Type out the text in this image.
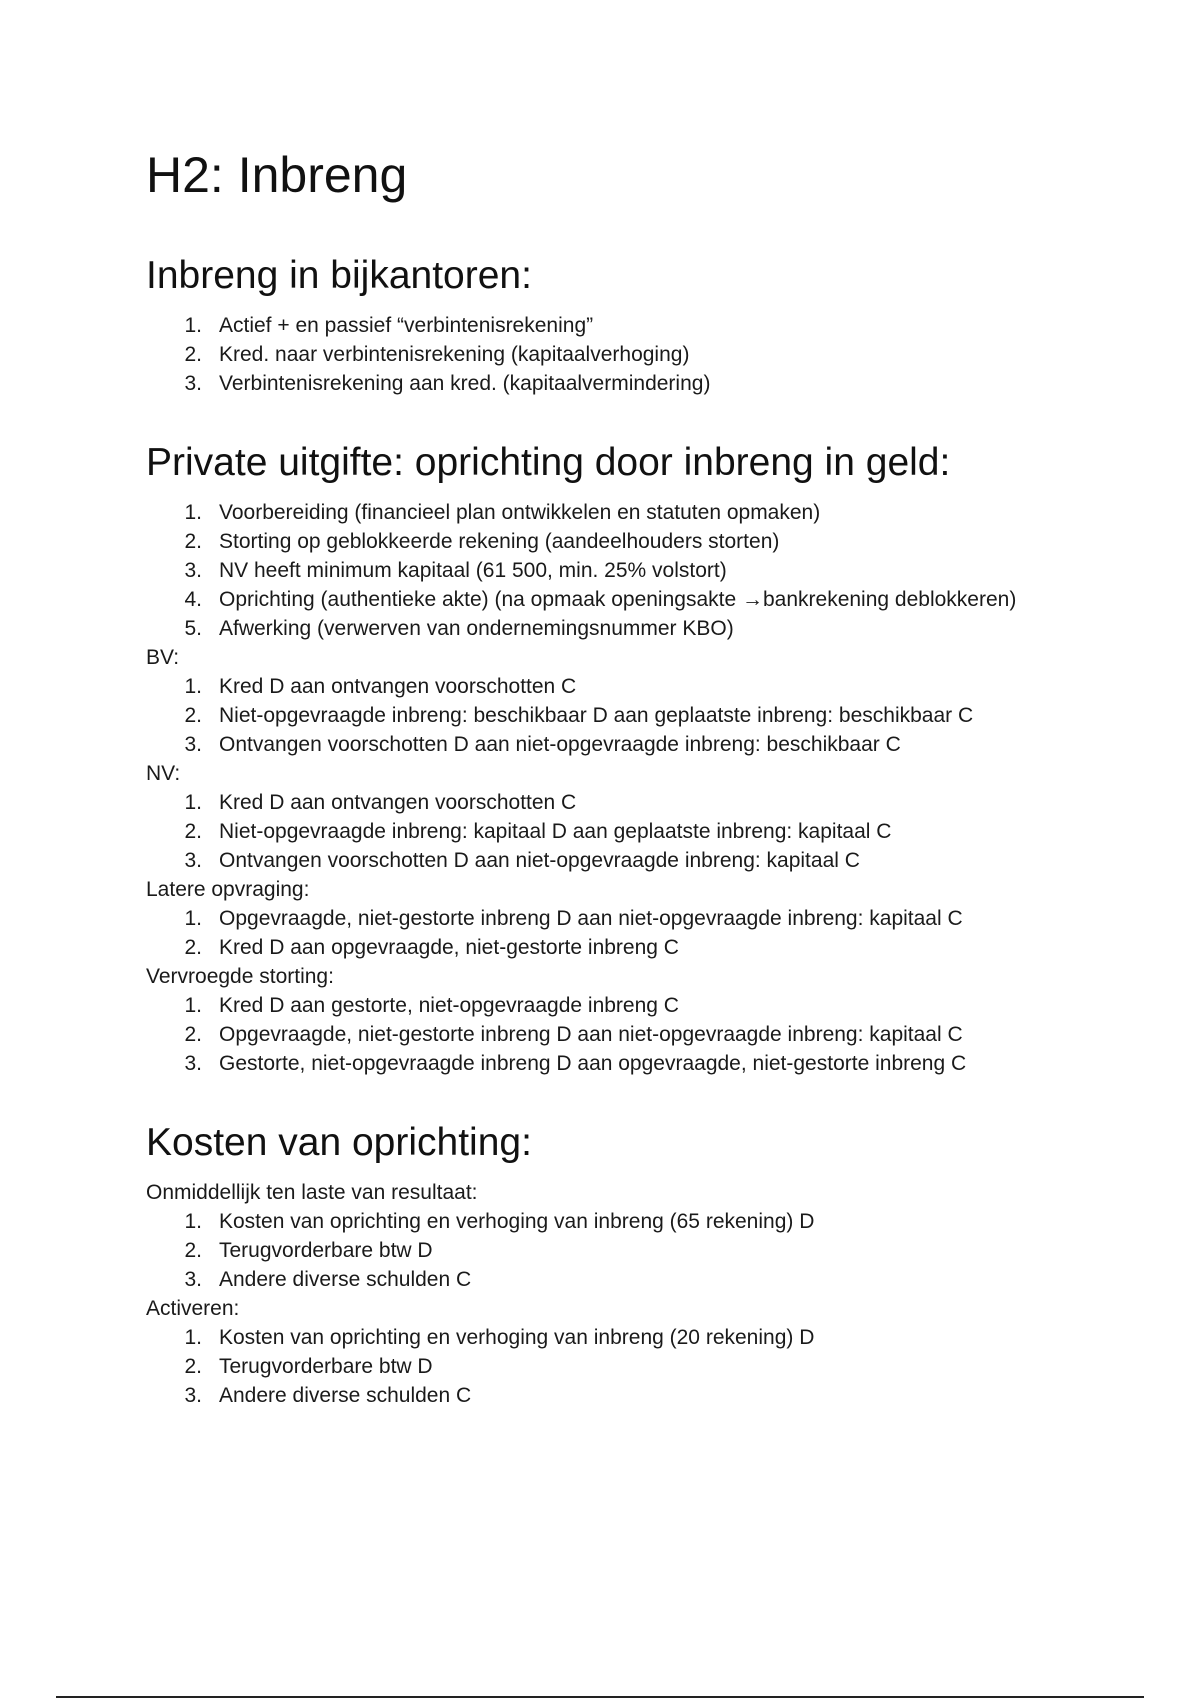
H2: Inbreng
Inbreng in bijkantoren:
1. Actief + en passief “verbintenisrekening”
2. Kred. naar verbintenisrekening (kapitaalverhoging)
3. Verbintenisrekening aan kred. (kapitaalvermindering)
Private uitgifte: oprichting door inbreng in geld:
1. Voorbereiding (financieel plan ontwikkelen en statuten opmaken)
2. Storting op geblokkeerde rekening (aandeelhouders storten)
3. NV heeft minimum kapitaal (61 500, min. 25% volstort)
4. Oprichting (authentieke akte) (na opmaak openingsakte →bankrekening deblokkeren)
5. Afwerking (verwerven van ondernemingsnummer KBO)
BV:
1. Kred D aan ontvangen voorschotten C
2. Niet-opgevraagde inbreng: beschikbaar D aan geplaatste inbreng: beschikbaar C
3. Ontvangen voorschotten D aan niet-opgevraagde inbreng: beschikbaar C
NV:
1. Kred D aan ontvangen voorschotten C
2. Niet-opgevraagde inbreng: kapitaal D aan geplaatste inbreng: kapitaal C
3. Ontvangen voorschotten D aan niet-opgevraagde inbreng: kapitaal C
Latere opvraging:
1. Opgevraagde, niet-gestorte inbreng D aan niet-opgevraagde inbreng: kapitaal C
2. Kred D aan opgevraagde, niet-gestorte inbreng C
Vervroegde storting:
1. Kred D aan gestorte, niet-opgevraagde inbreng C
2. Opgevraagde, niet-gestorte inbreng D aan niet-opgevraagde inbreng: kapitaal C
3. Gestorte, niet-opgevraagde inbreng D aan opgevraagde, niet-gestorte inbreng C
Kosten van oprichting:
Onmiddellijk ten laste van resultaat:
1. Kosten van oprichting en verhoging van inbreng (65 rekening) D
2. Terugvorderbare btw D
3. Andere diverse schulden C
Activeren:
1. Kosten van oprichting en verhoging van inbreng (20 rekening) D
2. Terugvorderbare btw D
3. Andere diverse schulden C
